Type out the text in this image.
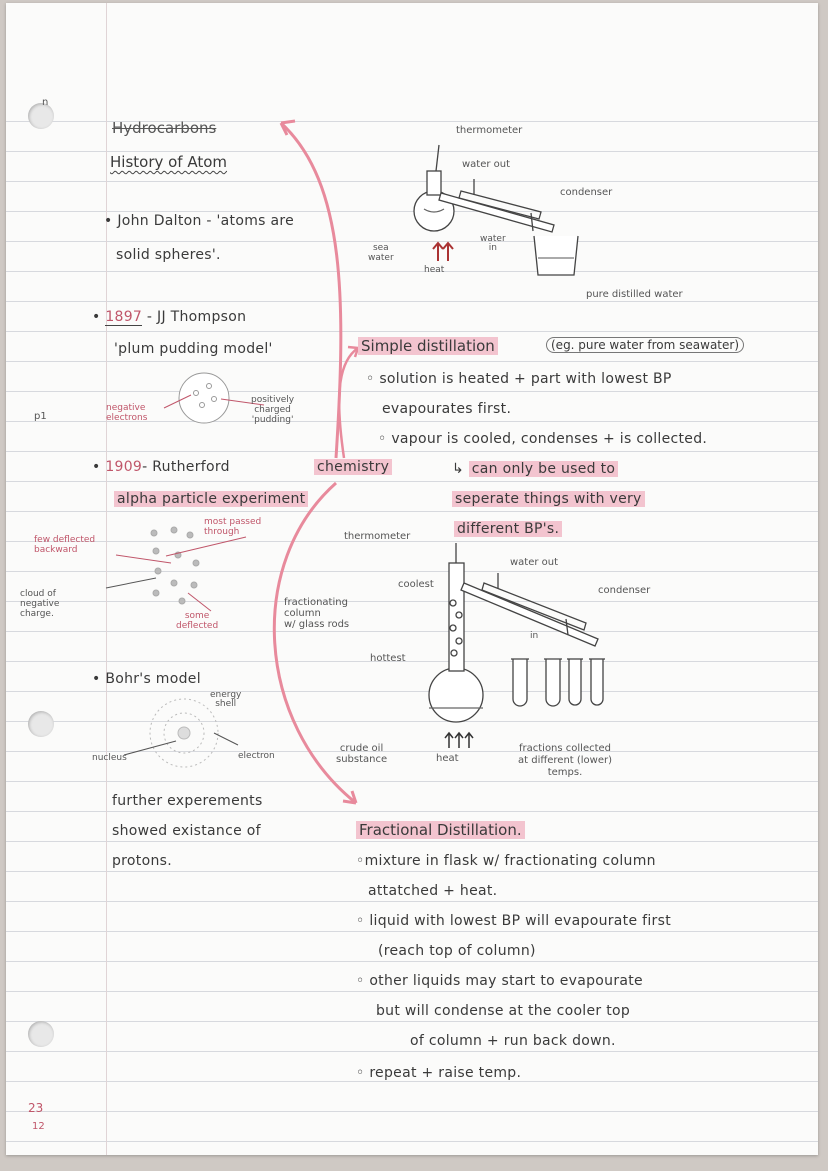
n
p1
23
12
Hydrocarbons
History of Atom
• John Dalton - 'atoms are
solid spheres'.
• 1897 - JJ Thompson
'plum pudding model'
negative
electrons
positively
charged
'pudding'
• 1909- Rutherford
alpha particle experiment
most passed
through
few deflected
backward
cloud of
negative
charge.	some
deflected
• Bohr's model
energy
shell
nucleus	electron
further experements
showed existance of
protons.
chemistry
thermometer
water out
condenser
sea
water
heat
water
in
pure distilled water
Simple distillation	(eg. pure water from seawater)
◦ solution is heated + part with lowest BP
evapourates first.
◦ vapour is cooled, condenses + is collected.
↳ can only be used to
seperate things with very
different BP's.
thermometer
water out
condenser
coolest
fractionating
column
w/ glass rods
hottest
in
crude oil
substance	heat
fractions collected
at different (lower)
temps.
Fractional Distillation.
◦mixture in flask w/ fractionating column
attatched + heat.
◦ liquid with lowest BP will evapourate first
(reach top of column)
◦ other liquids may start to evapourate
but will condense at the cooler top
of column + run back down.
◦ repeat + raise temp.
